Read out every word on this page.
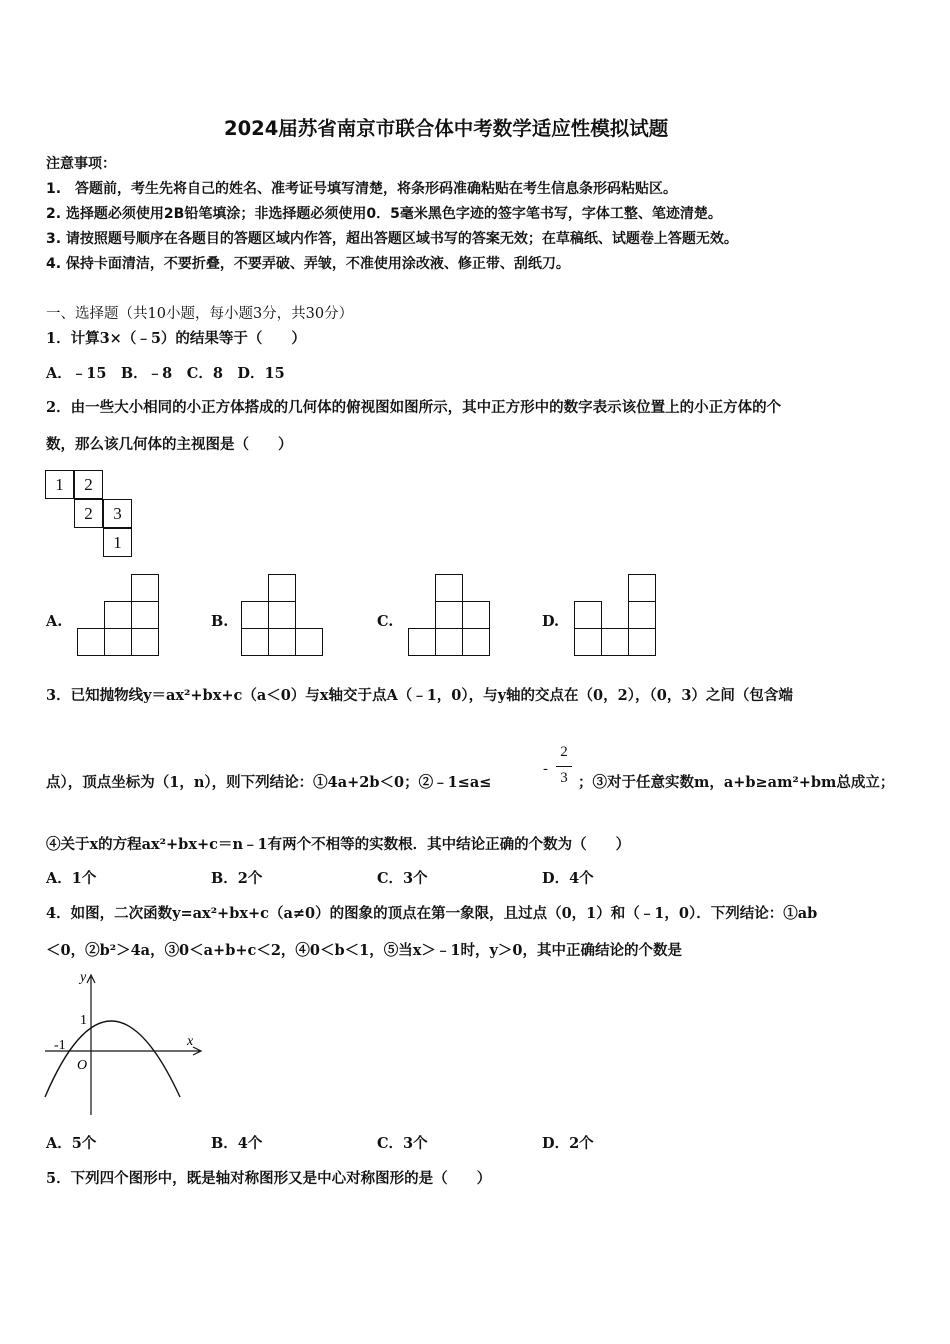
2024届苏省南京市联合体中考数学适应性模拟试题
注意事项：
1.　答题前，考生先将自己的姓名、准考证号填写清楚，将条形码准确粘贴在考生信息条形码粘贴区。
2. 选择题必须使用2B铅笔填涂；非选择题必须使用0．5毫米黑色字迹的签字笔书写，字体工整、笔迹清楚。
3. 请按照题号顺序在各题目的答题区域内作答，超出答题区域书写的答案无效；在草稿纸、试题卷上答题无效。
4. 保持卡面清洁，不要折叠，不要弄破、弄皱，不准使用涂改液、修正带、刮纸刀。
一、选择题（共10小题，每小题3分，共30分）
1．计算3×（﹣5）的结果等于（　　）
A．﹣15　B．﹣8　C．8　D．15
2．由一些大小相同的小正方体搭成的几何体的俯视图如图所示，其中正方形中的数字表示该位置上的小正方体的个
数，那么该几何体的主视图是（　　）
1	2
2	3
1
A.	B.	C.	D.
3．已知抛物线y＝ax²+bx+c（a＜0）与x轴交于点A（﹣1，0），与y轴的交点在（0，2），（0，3）之间（包含端
点），顶点坐标为（1，n），则下列结论：①4a+2b＜0；②﹣1≤a≤
-
2
3 ；③对于任意实数m，a+b≥am²+bm总成立；
④关于x的方程ax²+bx+c＝n﹣1有两个不相等的实数根．其中结论正确的个数为（　　）
A．1个	B．2个	C．3个	D．4个
4．如图，二次函数y=ax²+bx+c（a≠0）的图象的顶点在第一象限，且过点（0，1）和（﹣1，0）．下列结论：①ab
＜0，②b²＞4a，③0＜a+b+c＜2，④0＜b＜1，⑤当x＞﹣1时，y＞0，其中正确结论的个数是
y
x
1
-1
O
A．5个	B．4个	C．3个	D．2个
5．下列四个图形中，既是轴对称图形又是中心对称图形的是（　　）
